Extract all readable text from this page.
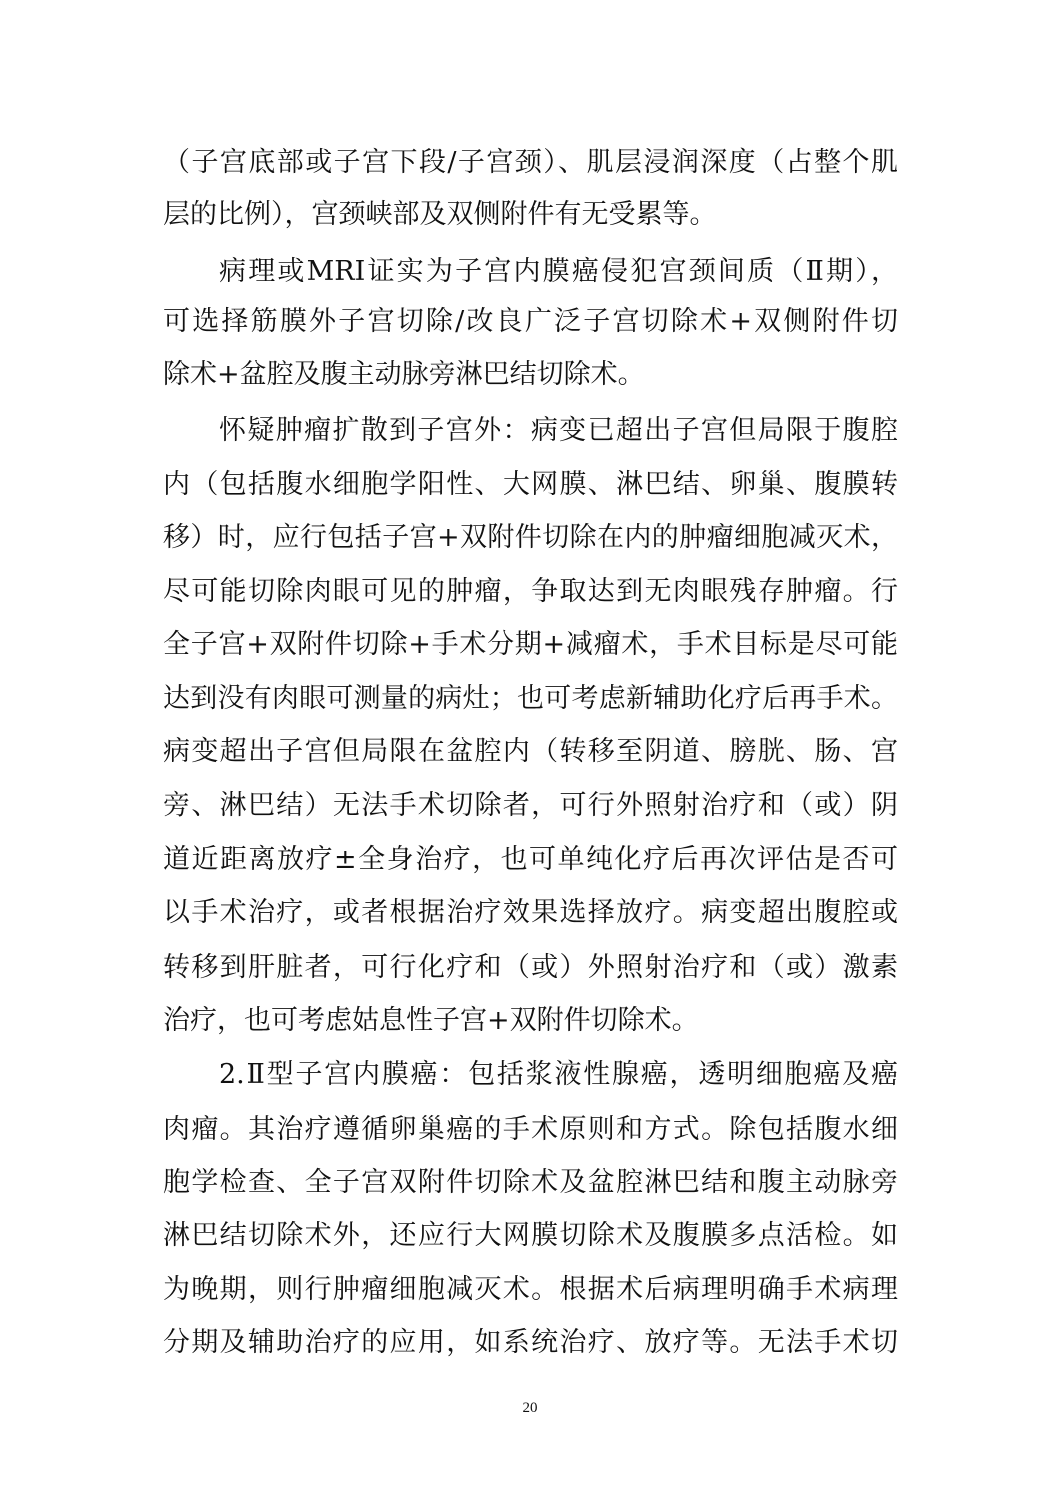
（子宫底部或子宫下段/子宫颈）、肌层浸润深度（占整个肌
层的比例），宫颈峡部及双侧附件有无受累等。
病理或MRI证实为子宫内膜癌侵犯宫颈间质（Ⅱ期），
可选择筋膜外子宫切除/改良广泛子宫切除术+双侧附件切
除术+盆腔及腹主动脉旁淋巴结切除术。
怀疑肿瘤扩散到子宫外：病变已超出子宫但局限于腹腔
内（包括腹水细胞学阳性、大网膜、淋巴结、卵巢、腹膜转
移）时，应行包括子宫+双附件切除在内的肿瘤细胞减灭术，
尽可能切除肉眼可见的肿瘤，争取达到无肉眼残存肿瘤。行
全子宫+双附件切除+手术分期+减瘤术，手术目标是尽可能
达到没有肉眼可测量的病灶；也可考虑新辅助化疗后再手术。
病变超出子宫但局限在盆腔内（转移至阴道、膀胱、肠、宫
旁、淋巴结）无法手术切除者，可行外照射治疗和（或）阴
道近距离放疗±全身治疗，也可单纯化疗后再次评估是否可
以手术治疗，或者根据治疗效果选择放疗。病变超出腹腔或
转移到肝脏者，可行化疗和（或）外照射治疗和（或）激素
治疗，也可考虑姑息性子宫+双附件切除术。
2.Ⅱ型子宫内膜癌：包括浆液性腺癌，透明细胞癌及癌
肉瘤。其治疗遵循卵巢癌的手术原则和方式。除包括腹水细
胞学检查、全子宫双附件切除术及盆腔淋巴结和腹主动脉旁
淋巴结切除术外，还应行大网膜切除术及腹膜多点活检。如
为晚期，则行肿瘤细胞减灭术。根据术后病理明确手术病理
分期及辅助治疗的应用，如系统治疗、放疗等。无法手术切
20
